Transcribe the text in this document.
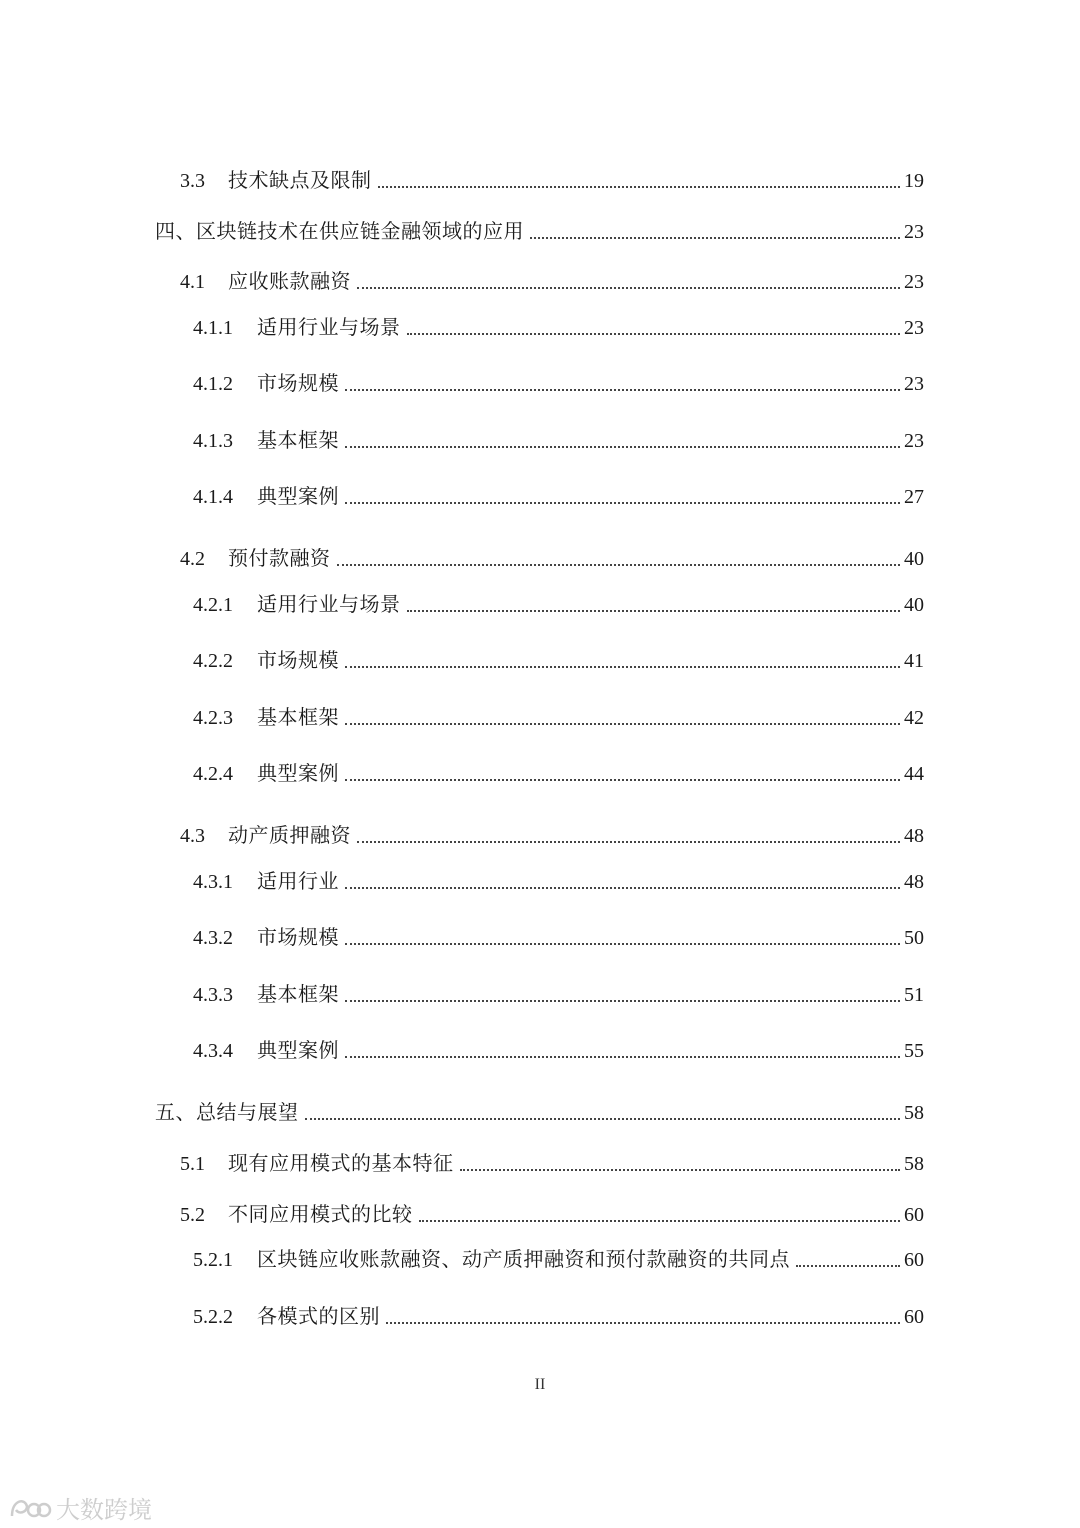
3.3	技术缺点及限制	19
四、区块链技术在供应链金融领域的应用	23
4.1	应收账款融资	23
4.1.1	适用行业与场景	23
4.1.2	市场规模	23
4.1.3	基本框架	23
4.1.4	典型案例	27
4.2	预付款融资	40
4.2.1	适用行业与场景	40
4.2.2	市场规模	41
4.2.3	基本框架	42
4.2.4	典型案例	44
4.3	动产质押融资	48
4.3.1	适用行业	48
4.3.2	市场规模	50
4.3.3	基本框架	51
4.3.4	典型案例	55
五、总结与展望	58
5.1	现有应用模式的基本特征	58
5.2	不同应用模式的比较	60
5.2.1	区块链应收账款融资、动产质押融资和预付款融资的共同点	60
5.2.2	各模式的区别	60
II
大数跨境
